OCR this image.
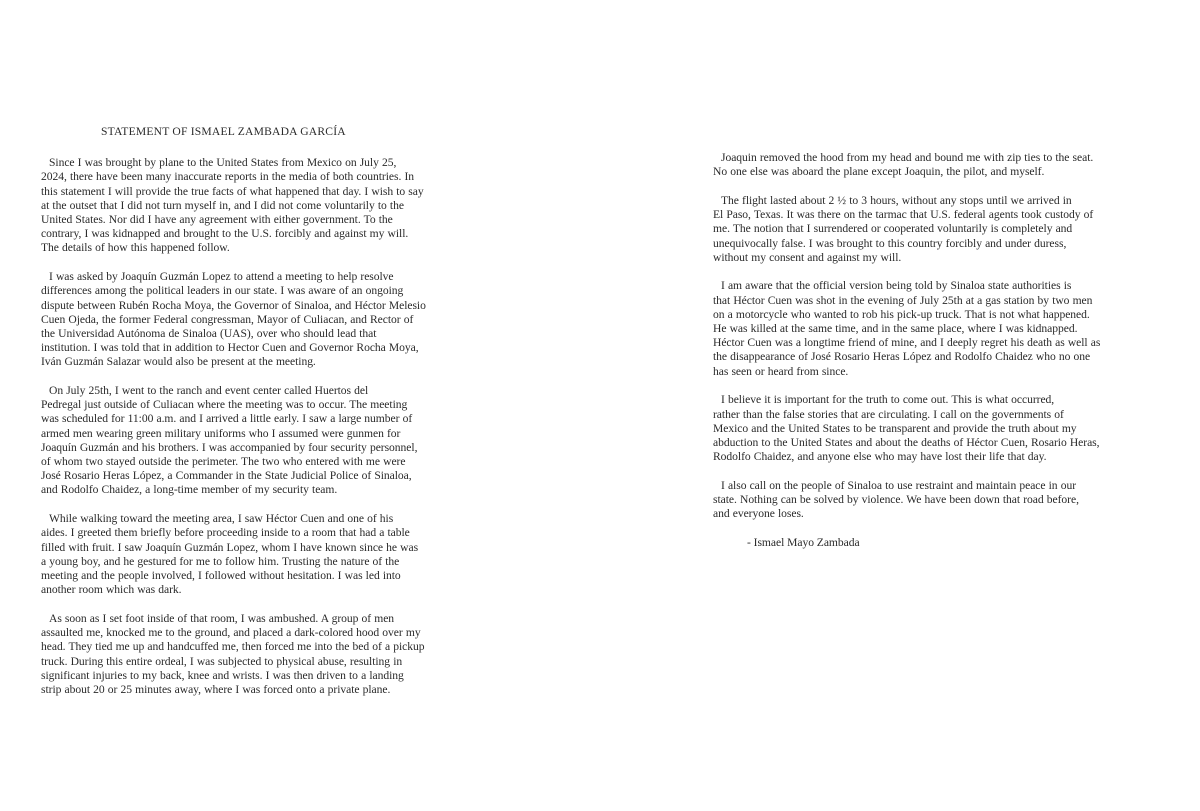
STATEMENT OF ISMAEL ZAMBADA GARCÍA
Since I was brought by plane to the United States from Mexico on July 25,
2024, there have been many inaccurate reports in the media of both countries. In
this statement I will provide the true facts of what happened that day. I wish to say
at the outset that I did not turn myself in, and I did not come voluntarily to the
United States. Nor did I have any agreement with either government. To the
contrary, I was kidnapped and brought to the U.S. forcibly and against my will.
The details of how this happened follow.
I was asked by Joaquín Guzmán Lopez to attend a meeting to help resolve
differences among the political leaders in our state. I was aware of an ongoing
dispute between Rubén Rocha Moya, the Governor of Sinaloa, and Héctor Melesio
Cuen Ojeda, the former Federal congressman, Mayor of Culiacan, and Rector of
the Universidad Autónoma de Sinaloa (UAS), over who should lead that
institution. I was told that in addition to Hector Cuen and Governor Rocha Moya,
Iván Guzmán Salazar would also be present at the meeting.
On July 25th, I went to the ranch and event center called Huertos del
Pedregal just outside of Culiacan where the meeting was to occur. The meeting
was scheduled for 11:00 a.m. and I arrived a little early. I saw a large number of
armed men wearing green military uniforms who I assumed were gunmen for
Joaquín Guzmán and his brothers. I was accompanied by four security personnel,
of whom two stayed outside the perimeter. The two who entered with me were
José Rosario Heras López, a Commander in the State Judicial Police of Sinaloa,
and Rodolfo Chaidez, a long-time member of my security team.
While walking toward the meeting area, I saw Héctor Cuen and one of his
aides. I greeted them briefly before proceeding inside to a room that had a table
filled with fruit. I saw Joaquín Guzmán Lopez, whom I have known since he was
a young boy, and he gestured for me to follow him. Trusting the nature of the
meeting and the people involved, I followed without hesitation. I was led into
another room which was dark.
As soon as I set foot inside of that room, I was ambushed. A group of men
assaulted me, knocked me to the ground, and placed a dark-colored hood over my
head. They tied me up and handcuffed me, then forced me into the bed of a pickup
truck. During this entire ordeal, I was subjected to physical abuse, resulting in
significant injuries to my back, knee and wrists. I was then driven to a landing
strip about 20 or 25 minutes away, where I was forced onto a private plane.
Joaquin removed the hood from my head and bound me with zip ties to the seat.
No one else was aboard the plane except Joaquin, the pilot, and myself.
The flight lasted about 2 ½ to 3 hours, without any stops until we arrived in
El Paso, Texas. It was there on the tarmac that U.S. federal agents took custody of
me. The notion that I surrendered or cooperated voluntarily is completely and
unequivocally false. I was brought to this country forcibly and under duress,
without my consent and against my will.
I am aware that the official version being told by Sinaloa state authorities is
that Héctor Cuen was shot in the evening of July 25th at a gas station by two men
on a motorcycle who wanted to rob his pick-up truck. That is not what happened.
He was killed at the same time, and in the same place, where I was kidnapped.
Héctor Cuen was a longtime friend of mine, and I deeply regret his death as well as
the disappearance of José Rosario Heras López and Rodolfo Chaidez who no one
has seen or heard from since.
I believe it is important for the truth to come out. This is what occurred,
rather than the false stories that are circulating. I call on the governments of
Mexico and the United States to be transparent and provide the truth about my
abduction to the United States and about the deaths of Héctor Cuen, Rosario Heras,
Rodolfo Chaidez, and anyone else who may have lost their life that day.
I also call on the people of Sinaloa to use restraint and maintain peace in our
state. Nothing can be solved by violence. We have been down that road before,
and everyone loses.
- Ismael Mayo Zambada
